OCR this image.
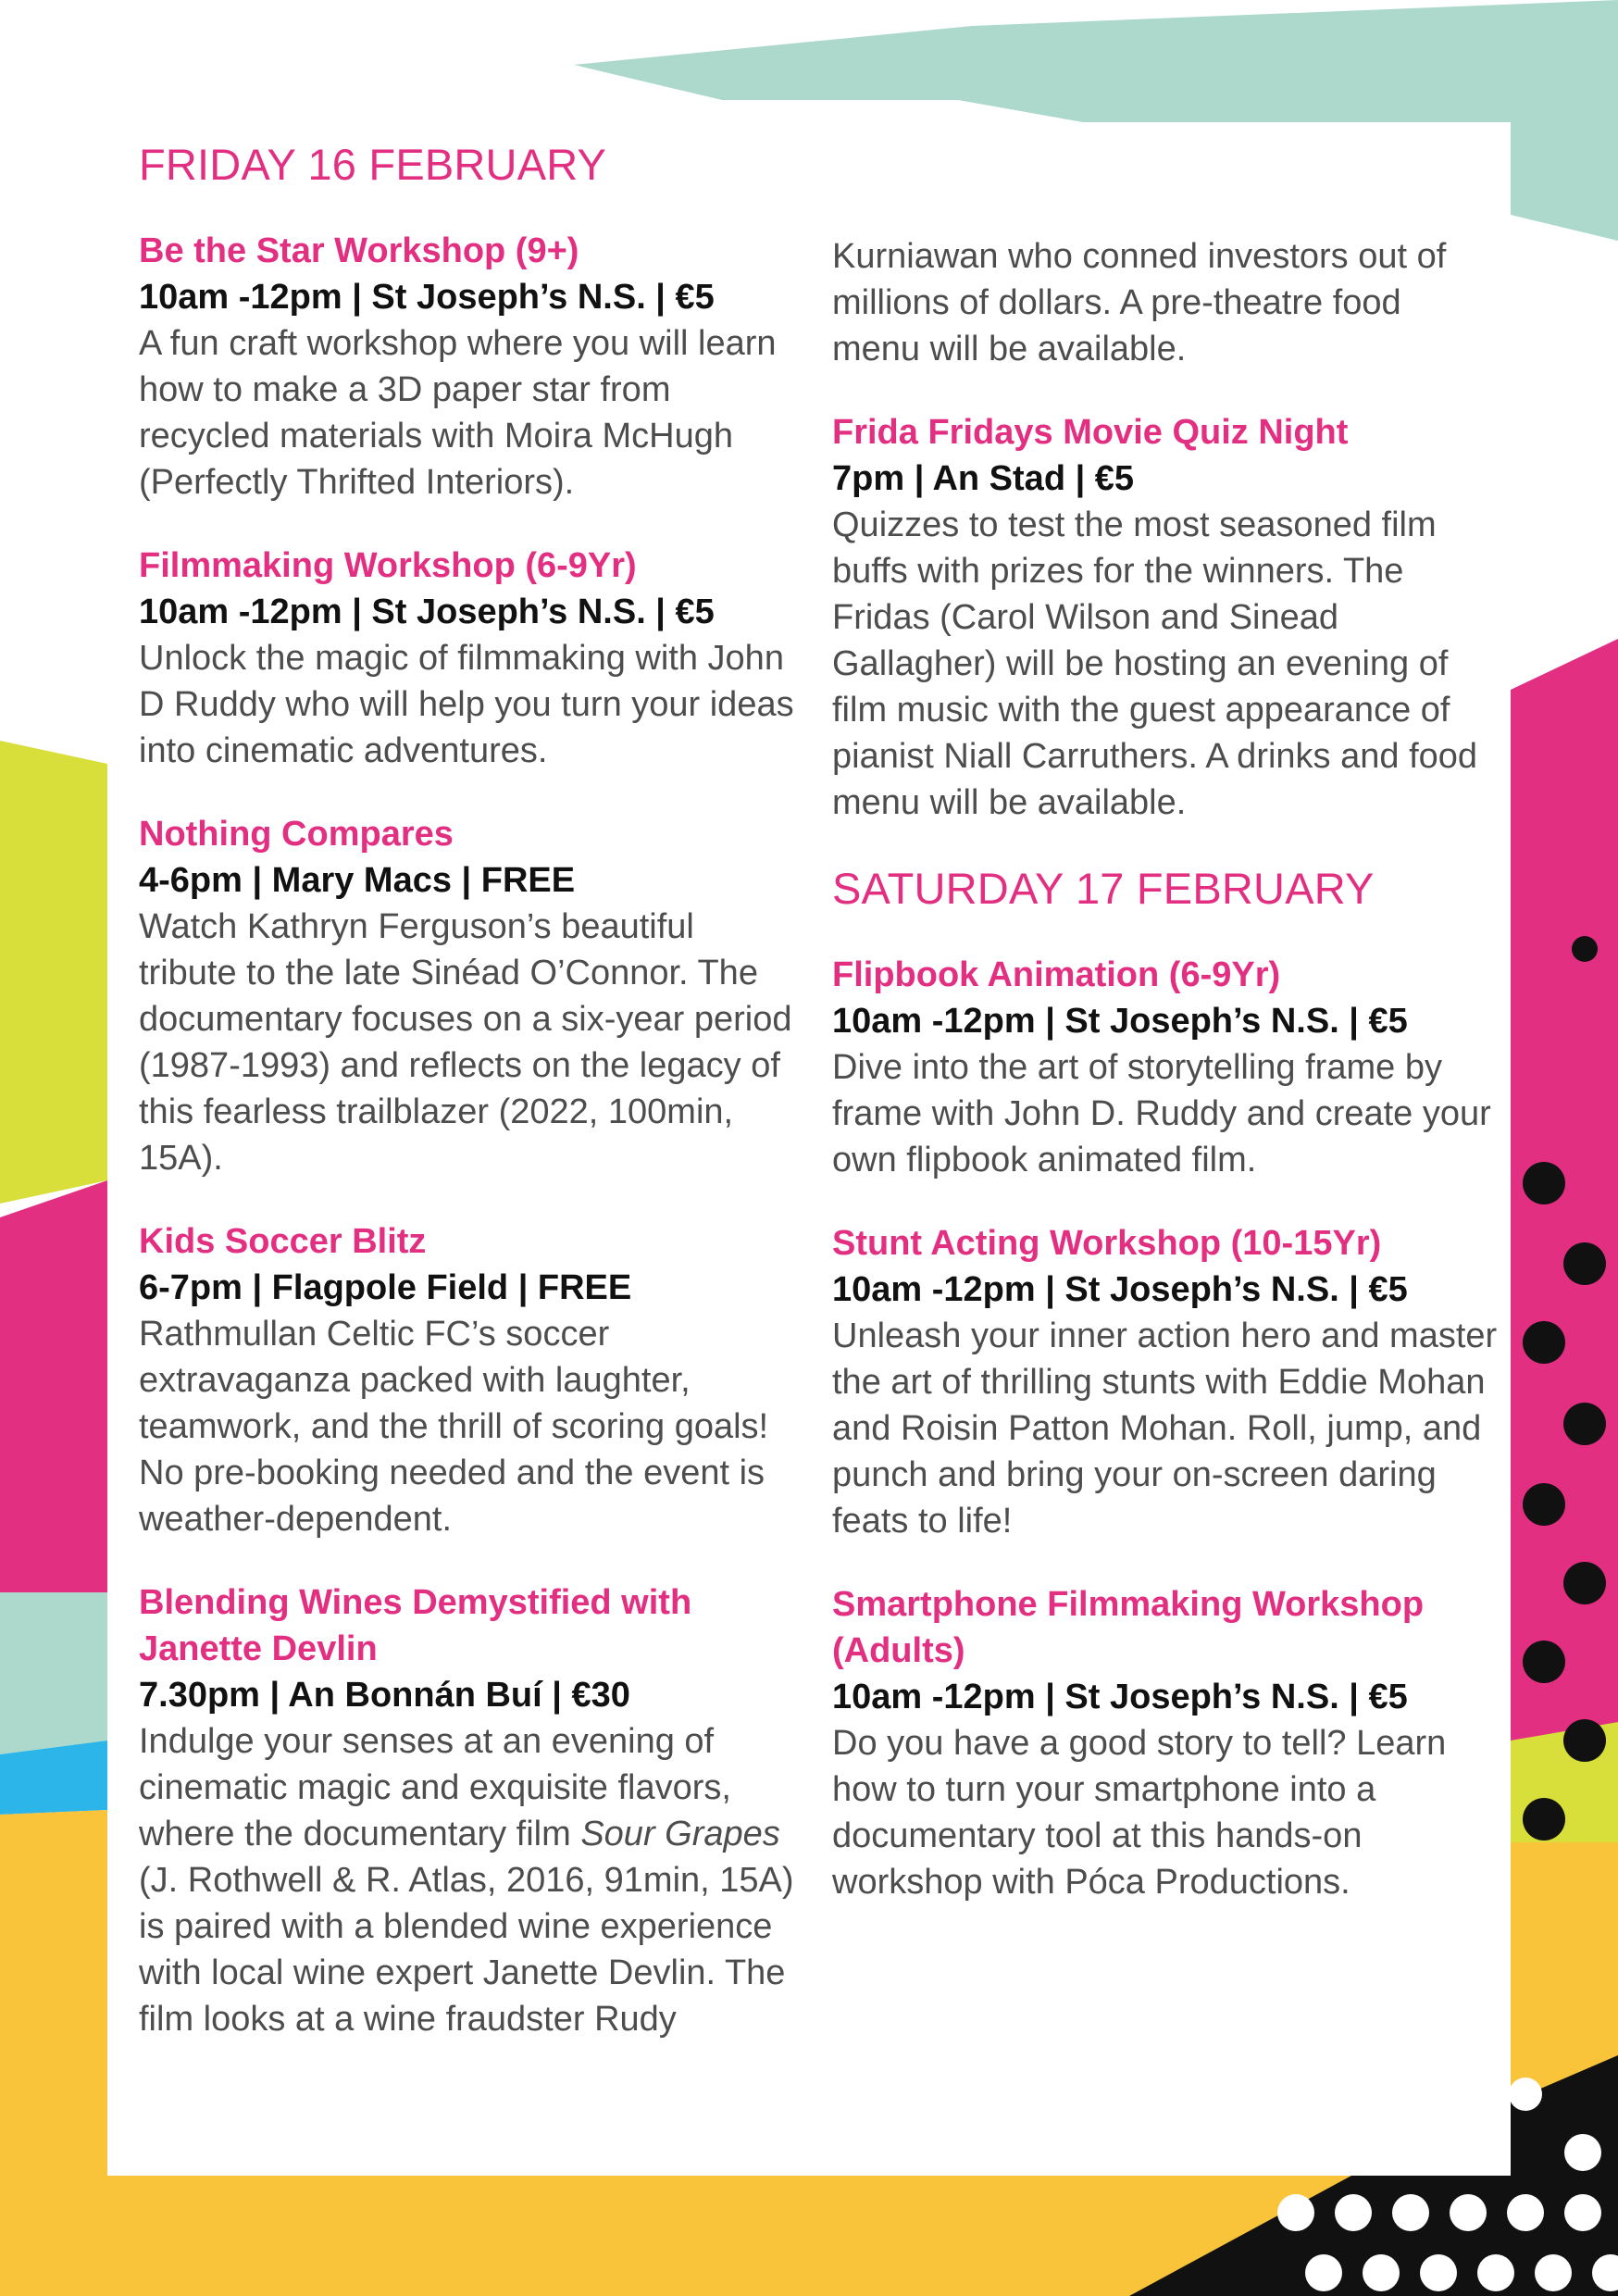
FRIDAY 16 FEBRUARY

Be the Star Workshop (9+)

10am -12pm | St Joseph’s N.S. | €5

A fun craft workshop where you will learn how to make a 3D paper star from recycled materials with Moira McHugh (Perfectly Thrifted Interiors).

Filmmaking Workshop (6-9Yr)

10am -12pm | St Joseph’s N.S. | €5

Unlock the magic of filmmaking with John D Ruddy who will help you turn your ideas into cinematic adventures.

Nothing Compares

4-6pm | Mary Macs | FREE

Watch Kathryn Ferguson’s beautiful tribute to the late Sinéad O’Connor. The documentary focuses on a six-year period (1987-1993) and reflects on the legacy of this fearless trailblazer (2022, 100min, 15A).

Kids Soccer Blitz

6-7pm | Flagpole Field | FREE

Rathmullan Celtic FC’s soccer extravaganza packed with laughter, teamwork, and the thrill of scoring goals! No pre-booking needed and the event is weather-dependent.

Blending Wines Demystified with Janette Devlin

7.30pm | An Bonnán Buí | €30

Indulge your senses at an evening of cinematic magic and exquisite flavors, where the documentary film Sour Grapes (J. Rothwell & R. Atlas, 2016, 91min, 15A) is paired with a blended wine experience with local wine expert Janette Devlin. The film looks at a wine fraudster Rudy

Kurniawan who conned investors out of millions of dollars. A pre-theatre food menu will be available.

Frida Fridays Movie Quiz Night

7pm | An Stad | €5

Quizzes to test the most seasoned film buffs with prizes for the winners. The Fridas (Carol Wilson and Sinead Gallagher) will be hosting an evening of film music with the guest appearance of pianist Niall Carruthers. A drinks and food menu will be available.

SATURDAY 17 FEBRUARY

Flipbook Animation (6-9Yr)

10am -12pm | St Joseph’s N.S. | €5

Dive into the art of storytelling frame by frame with John D. Ruddy and create your own flipbook animated film.

Stunt Acting Workshop (10-15Yr)

10am -12pm | St Joseph’s N.S. | €5

Unleash your inner action hero and master the art of thrilling stunts with Eddie Mohan and Roisin Patton Mohan. Roll, jump, and punch and bring your on-screen daring feats to life!

Smartphone Filmmaking Workshop (Adults)

10am -12pm | St Joseph’s N.S. | €5

Do you have a good story to tell? Learn how to turn your smartphone into a documentary tool at this hands-on workshop with Póca Productions.
